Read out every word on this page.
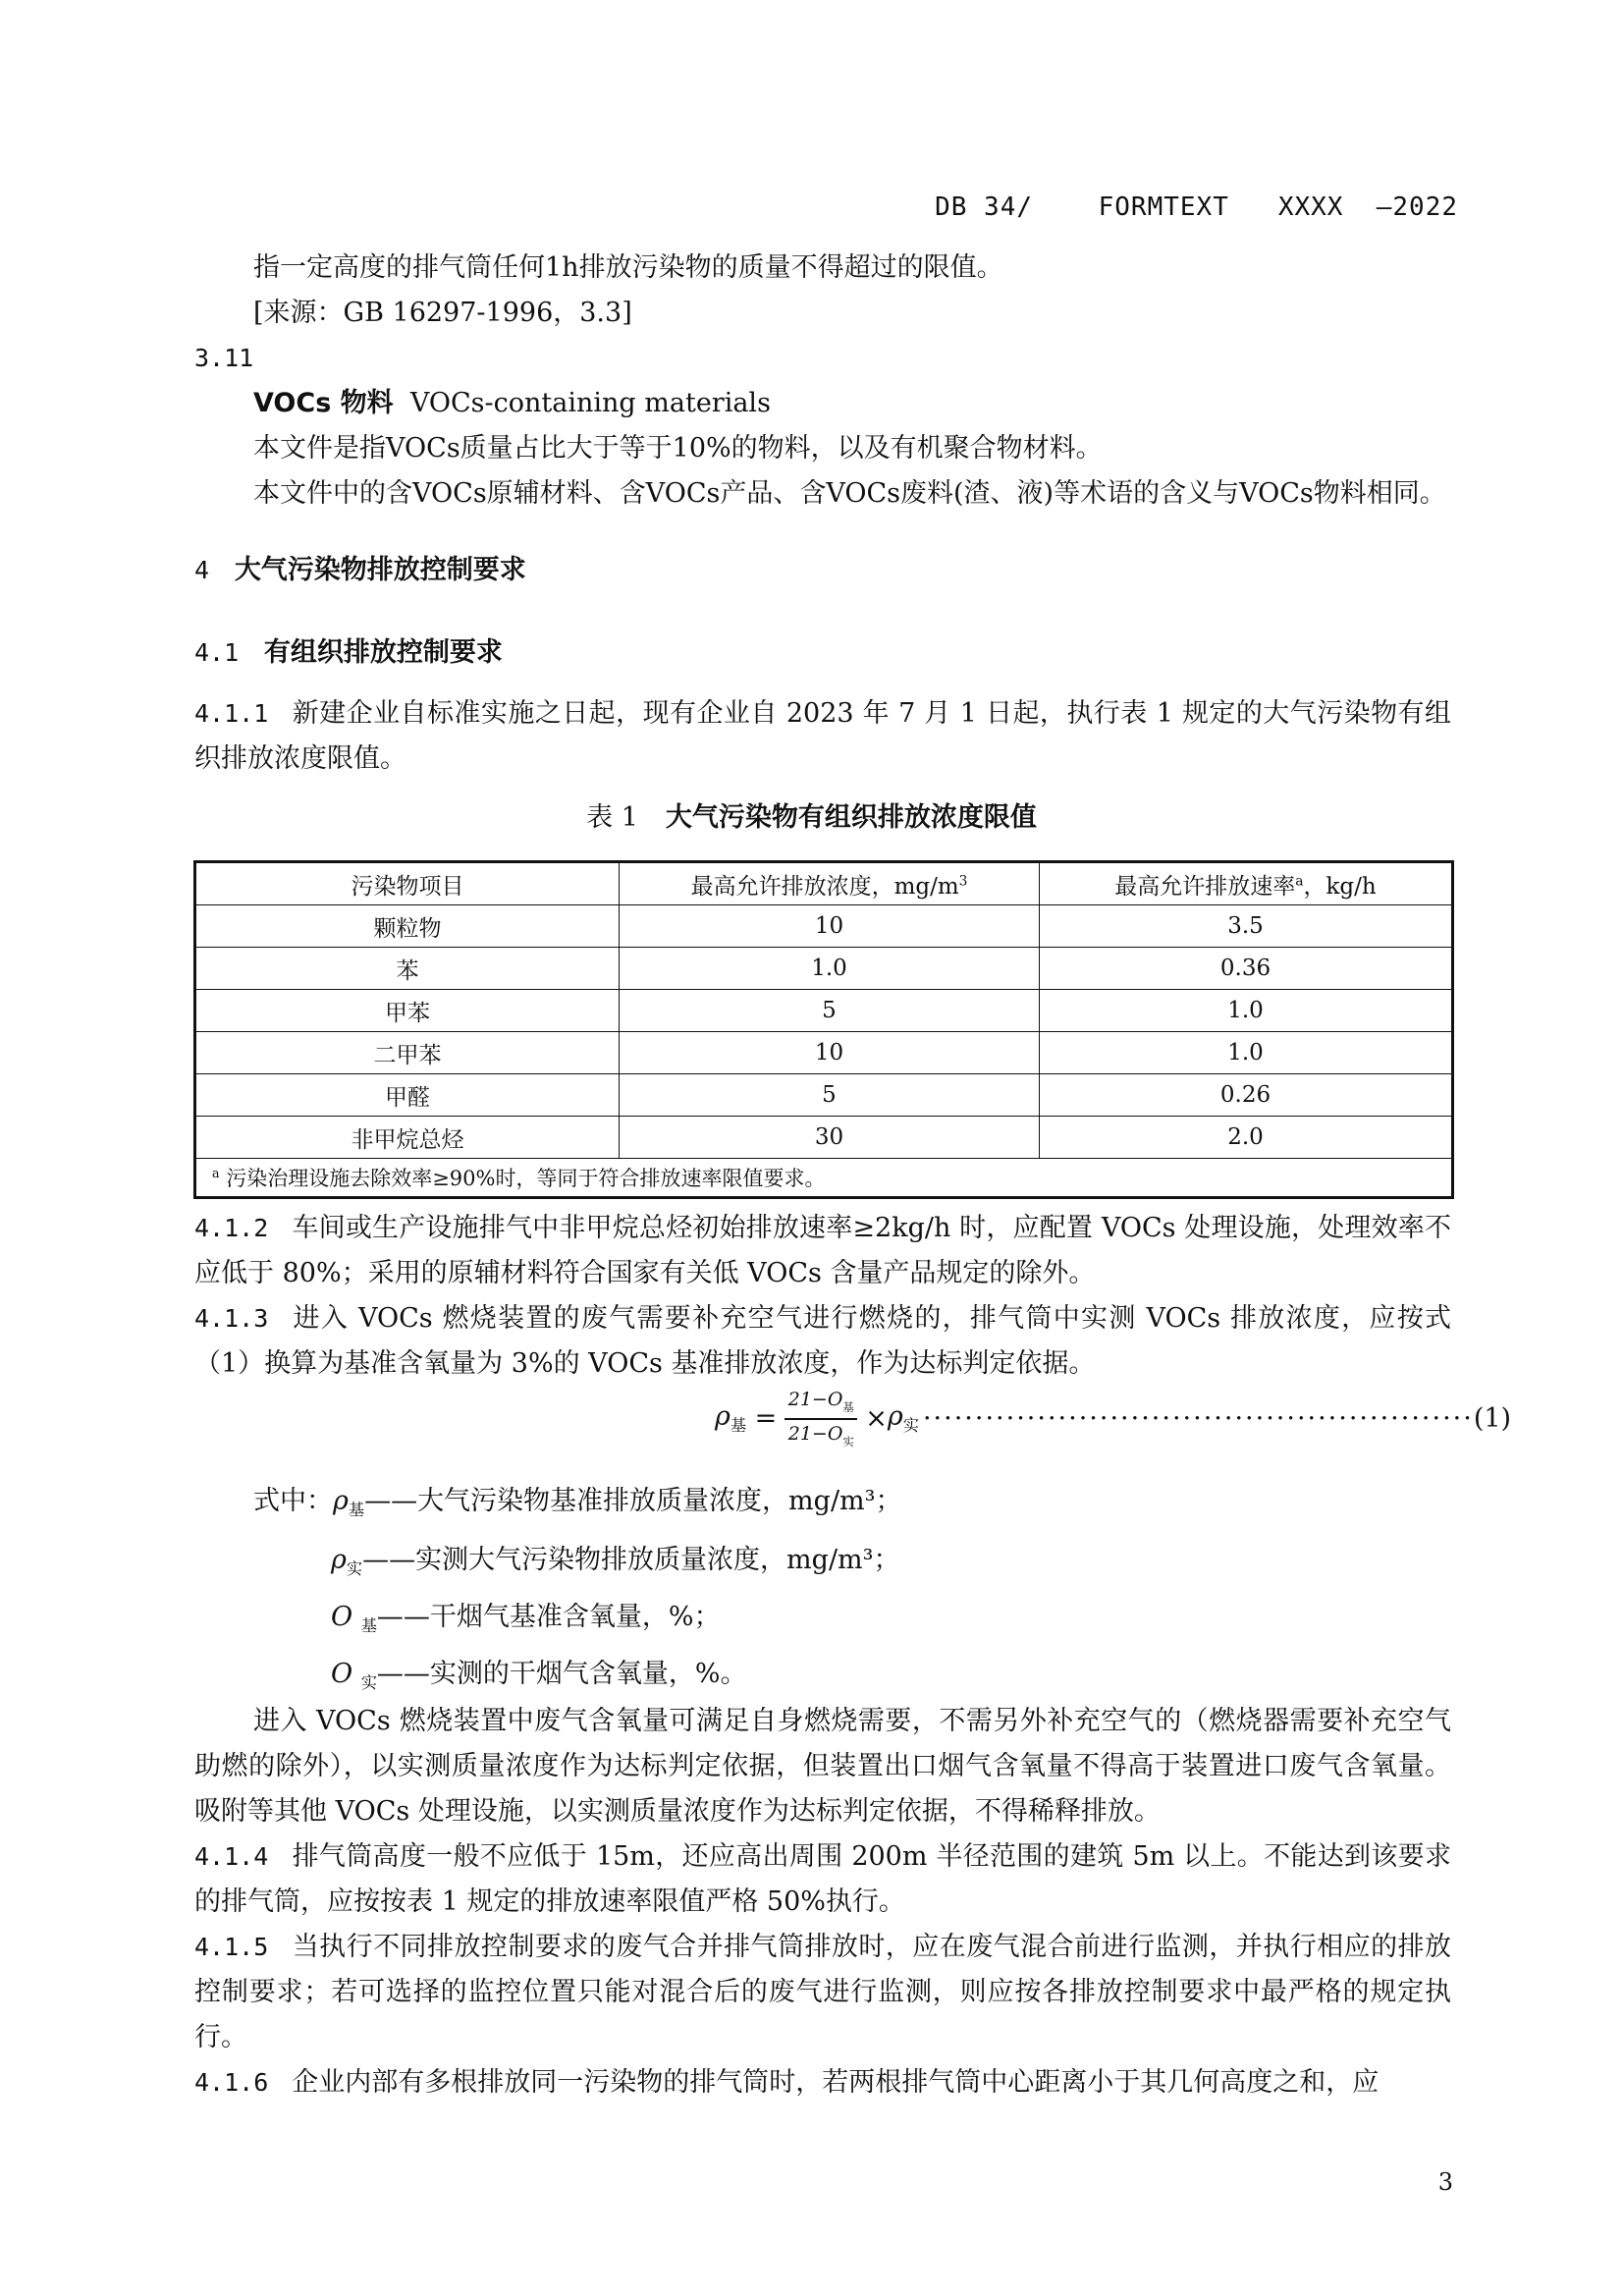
DB 34/    FORMTEXT   XXXX  —2022
指一定高度的排气筒任何1h排放污染物的质量不得超过的限值。
[来源：GB 16297-1996，3.3]
3.11
VOCs 物料 VOCs-containing materials
本文件是指VOCs质量占比大于等于10%的物料，以及有机聚合物材料。
本文件中的含VOCs原辅材料、含VOCs产品、含VOCs废料(渣、液)等术语的含义与VOCs物料相同。
4 大气污染物排放控制要求
4.1 有组织排放控制要求
4.1.1 新建企业自标准实施之日起，现有企业自 2023 年 7 月 1 日起，执行表 1 规定的大气污染物有组织排放浓度限值。
表 1 大气污染物有组织排放浓度限值
污染物项目	最高允许排放浓度，$mg/m^3$	最高允许排放速率$^a$，kg/h
颗粒物	10	3.5
苯	1.0	0.36
甲苯	5	1.0
二甲苯	10	1.0
甲醛	5	0.26
非甲烷总烃	30	2.0
$^a$ 污染治理设施去除效率≥90%时，等同于符合排放速率限值要求。		
4.1.2 车间或生产设施排气中非甲烷总烃初始排放速率≥2kg/h 时，应配置 VOCs 处理设施，处理效率不应低于 80%；采用的原辅材料符合国家有关低 VOCs 含量产品规定的除外。
4.1.3 进入 VOCs 燃烧装置的废气需要补充空气进行燃烧的，排气筒中实测 VOCs 排放浓度，应按式（1）换算为基准含氧量为 3%的 VOCs 基准排放浓度，作为达标判定依据。
$\rho_基$
= $\frac{21-O_基}{21-O_实} \times \rho_实$ ····················································· (1)
式中：$\rho_基——$大气污染物基准排放质量浓度，mg/m³；
$\rho_实——$实测大气污染物排放质量浓度，mg/m³；
O $_基$——干烟气基准含氧量，%；
O $_实$——实测的干烟气含氧量，%。
进入 VOCs 燃烧装置中废气含氧量可满足自身燃烧需要，不需另外补充空气的（燃烧器需要补充空气助燃的除外），以实测质量浓度作为达标判定依据，但装置出口烟气含氧量不得高于装置进口废气含氧量。吸附等其他 VOCs 处理设施，以实测质量浓度作为达标判定依据，不得稀释排放。
4.1.4 排气筒高度一般不应低于 15m，还应高出周围 200m 半径范围的建筑 5m 以上。不能达到该要求的排气筒，应按按表 1 规定的排放速率限值严格 50%执行。
4.1.5 当执行不同排放控制要求的废气合并排气筒排放时，应在废气混合前进行监测，并执行相应的排放控制要求；若可选择的监控位置只能对混合后的废气进行监测，则应按各排放控制要求中最严格的规定执行。
4.1.6 企业内部有多根排放同一污染物的排气筒时，若两根排气筒中心距离小于其几何高度之和，应
3
